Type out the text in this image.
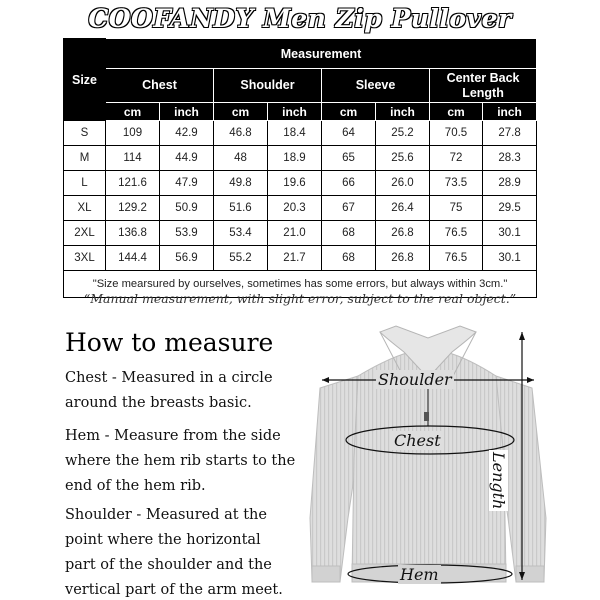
COOFANDY Men Zip Pullover
Size	Measurement							
	Chest		Shoulder		Sleeve		Center Back Length	
	cm	inch	cm	inch	cm	inch	cm	inch
S	109	42.9	46.8	18.4	64	25.2	70.5	27.8
M	114	44.9	48	18.9	65	25.6	72	28.3
L	121.6	47.9	49.8	19.6	66	26.0	73.5	28.9
XL	129.2	50.9	51.6	20.3	67	26.4	75	29.5
2XL	136.8	53.9	53.4	21.0	68	26.8	76.5	30.1
3XL	144.4	56.9	55.2	21.7	68	26.8	76.5	30.1
"Size mearsured by ourselves, sometimes has some errors, but always within 3cm."								
“Manual measurement, with slight error, subject to the real object.”
How to measure
Chest - Measured in a circle
around the breasts basic.
Hem - Measure from the side
where the hem rib starts to the
end of the hem rib.
Shoulder - Measured at the
point where the horizontal
part of the shoulder and the
vertical part of the arm meet.
Shoulder
Chest
Hem
Length
